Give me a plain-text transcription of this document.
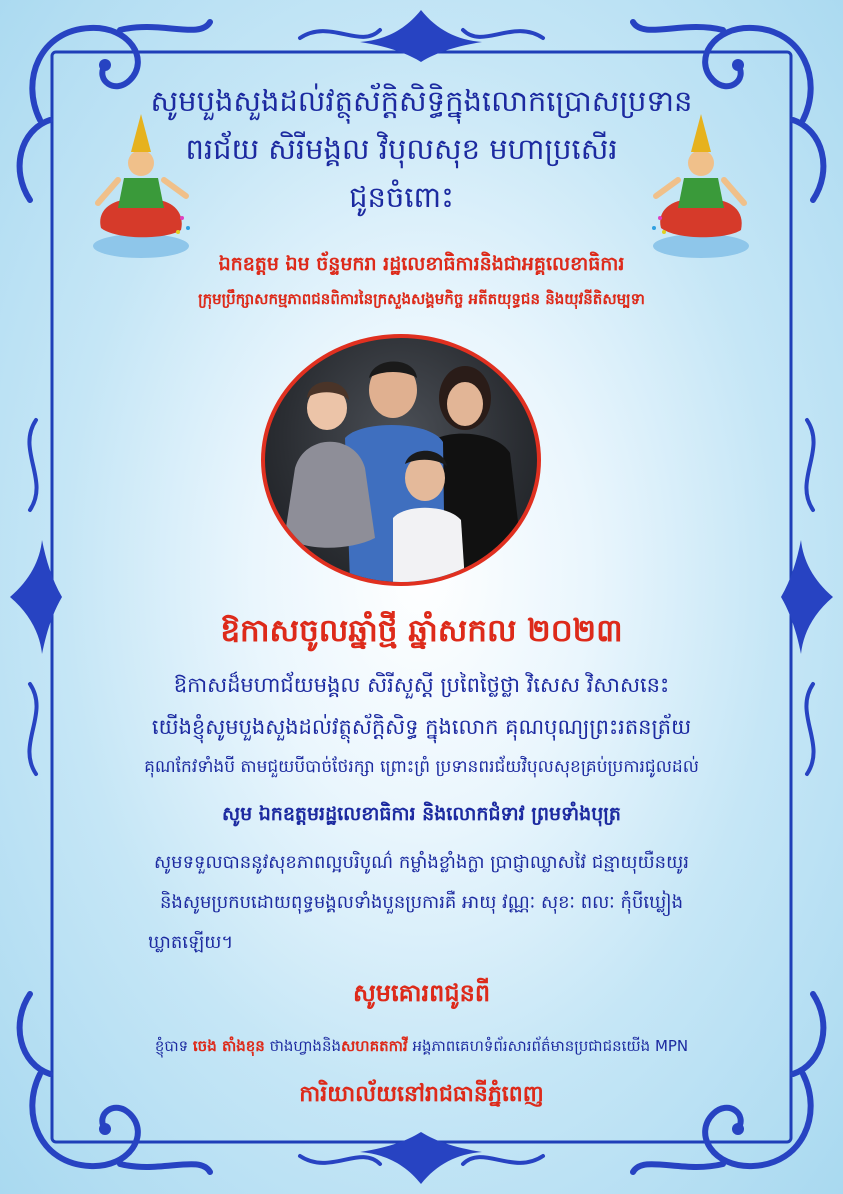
សូមបួងសួងដល់វត្ថុស័ក្តិសិទ្ធិក្នុងលោកប្រោសប្រទាន
ពរជ័យ សិរីមង្គល វិបុលសុខ មហាប្រសើរ
ជូនចំពោះ
ឯកឧត្តម ឯម ច័ន្ទមករា រដ្ឋលេខាធិការនិងជាអគ្គលេខាធិការ
ក្រុមប្រឹក្សាសកម្មភាពជនពិការនៃក្រសួងសង្គមកិច្ច អតីតយុទ្ធជន និងយុវនីតិសម្បទា
ឱកាសចូលឆ្នាំថ្មី ឆ្នាំសកល ២០២៣
ឱកាសដ៏មហាជ័យមង្គល សិរីសួស្តី ប្រពៃថ្លៃថ្លា វិសេស វិសាសនេះ
យើងខ្ញុំសូមបួងសួងដល់វត្ថុស័ក្តិសិទ្ធ ក្នុងលោក គុណបុណ្យព្រះរតនត្រ័យ
គុណកែវទាំងបី តាមជួយបីបាច់ថែរក្សា ព្រោះព្រំ ប្រទានពរជ័យវិបុលសុខគ្រប់ប្រការជូលដល់
សូម ឯកឧត្តមរដ្ឋលេខាធិការ និងលោកជំទាវ ព្រមទាំងបុត្រ
សូមទទួលបាននូវសុខភាពល្អបរិបូណ៌ កម្លាំងខ្លាំងក្លា ប្រាជ្ញាឈ្លាសវៃ ជន្មាយុយឺនយូរ
និងសូមប្រកបដោយពុទ្ធមង្គលទាំងបួនប្រការគឺ អាយុ វណ្ណៈ សុខៈ ពលៈ កុំបីឃ្លៀង
ឃ្លាតឡើយ។
សូមគោរពជូនពី
ខ្ញុំបាទ ចេង តាំងខុន ថាងហ្វាងនិងសហគតកាវី អង្គភាពគេហទំព័រសារព័ត៌មានប្រជាជនយើង MPN
ការិយាល័យនៅរាជធានីភ្នំពេញ
